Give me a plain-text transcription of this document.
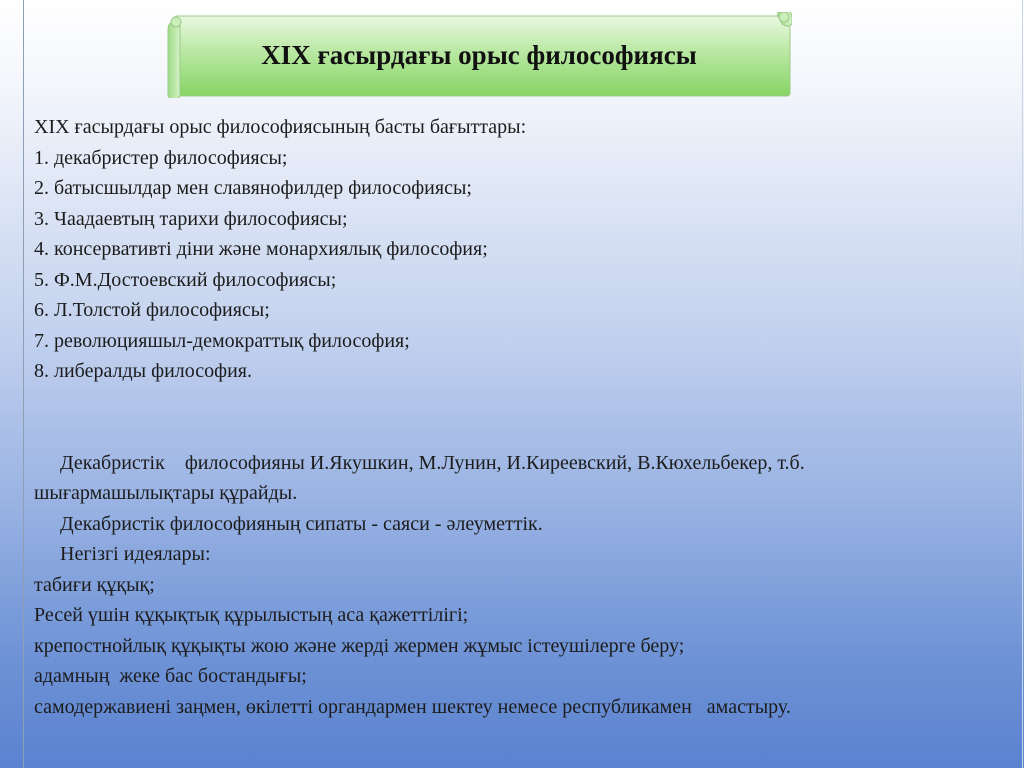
XIX ғасырдағы орыс философиясы
XIX ғасырдағы орыс философиясының басты бағыттары:
1. декабристер философиясы;
2. батысшылдар мен славянофилдер философиясы;
3. Чаадаевтың тарихи философиясы;
4. консервативті діни және монархиялық философия;
5. Ф.М.Достоевский философиясы;
6. Л.Толстой философиясы;
7. революцияшыл-демократтық философия;
8. либералды философия.
Декабристік    философияны И.Якушкин, М.Лунин, И.Киреевский, В.Кюхельбекер, т.б.
шығармашылықтары құрайды.
Декабристік философияның сипаты - саяси - әлеуметтік.
Негізгі идеялары:
табиғи құқық;
Ресей үшін құқықтық құрылыстың аса қажеттілігі;
крепостнойлық құқықты жою және жерді жермен жұмыс істеушілерге беру;
адамның  жеке бас бостандығы;
самодержавиені заңмен, өкілетті органдармен шектеу немесе республикамен   амастыру.
